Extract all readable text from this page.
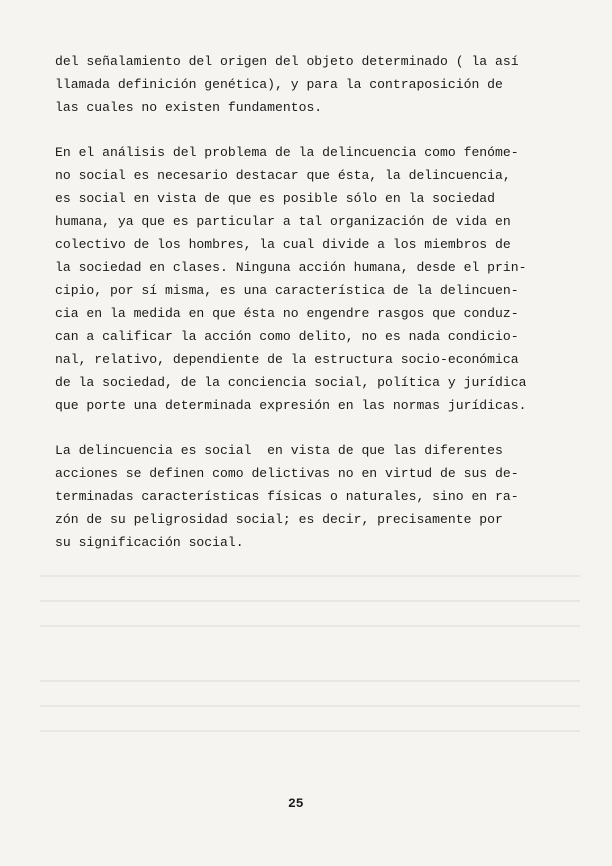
del señalamiento del origen del objeto determinado ( la así
llamada definición genética), y para la contraposición de
las cuales no existen fundamentos.
En el análisis del problema de la delincuencia como fenóme-
no social es necesario destacar que ésta, la delincuencia,
es social en vista de que es posible sólo en la sociedad
humana, ya que es particular a tal organización de vida en
colectivo de los hombres, la cual divide a los miembros de
la sociedad en clases. Ninguna acción humana, desde el prin-
cipio, por sí misma, es una característica de la delincuen-
cia en la medida en que ésta no engendre rasgos que conduz-
can a calificar la acción como delito, no es nada condicio-
nal, relativo, dependiente de la estructura socio-económica
de la sociedad, de la conciencia social, política y jurídica
que porte una determinada expresión en las normas jurídicas.
La delincuencia es social  en vista de que las diferentes
acciones se definen como delictivas no en virtud de sus de-
terminadas características físicas o naturales, sino en ra-
zón de su peligrosidad social; es decir, precisamente por
su significación social.
25
